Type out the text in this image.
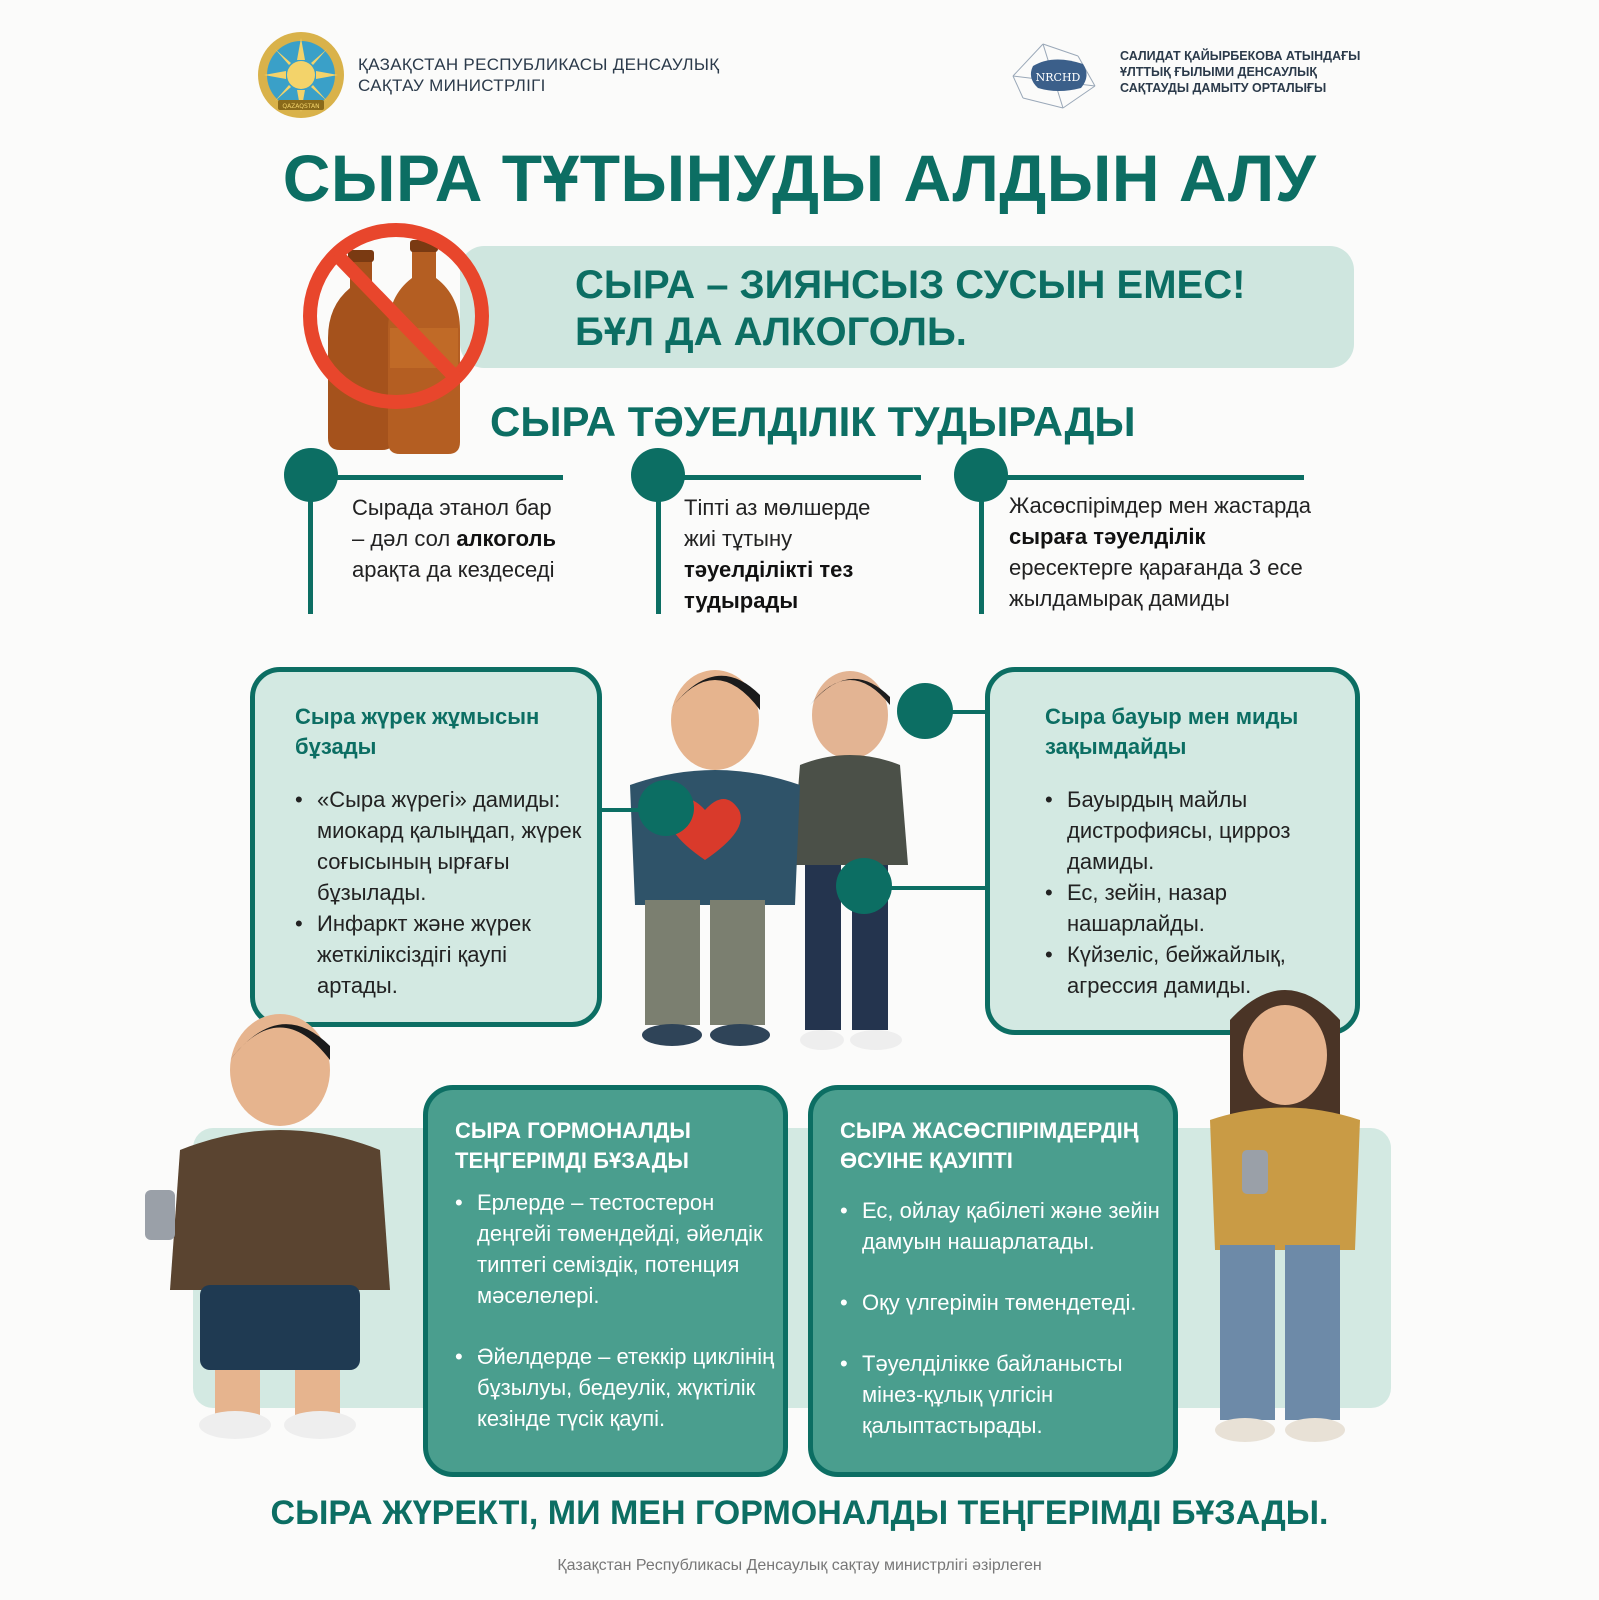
QAZAQSTAN
ҚАЗАҚСТАН РЕСПУБЛИКАСЫ ДЕНСАУЛЫҚ
САҚТАУ МИНИСТРЛІГІ	NRCHD
САЛИДАТ ҚАЙЫРБЕКОВА АТЫНДАҒЫ
ҰЛТТЫҚ ҒЫЛЫМИ ДЕНСАУЛЫҚ
САҚТАУДЫ ДАМЫТУ ОРТАЛЫҒЫ
СЫРА ТҰТЫНУДЫ АЛДЫН АЛУ
СЫРА – ЗИЯНСЫЗ СУСЫН ЕМЕС!
БҰЛ ДА АЛКОГОЛЬ.
СЫРА ТӘУЕЛДІЛІК ТУДЫРАДЫ
Сырада этанол бар – дәл сол алкоголь арақта да кездеседі
Тіпті аз мөлшерде жиі тұтыну тәуелділікті тез тудырады
Жасөспірімдер мен жастарда сыраға тәуелділік ересектерге қарағанда 3 есе жылдамырақ дамиды
Сыра жүрек жұмысын бұзады
• «Сыра жүрегі» дамиды: миокард қалыңдап, жүрек соғысының ырғағы бұзылады.
• Инфаркт және жүрек жеткіліксіздігі қаупі артады.
Сыра бауыр мен миды зақымдайды
• Бауырдың майлы дистрофиясы, цирроз дамиды.
• Ес, зейін, назар нашарлайды.
• Күйзеліс, бейжайлық, агрессия дамиды.
СЫРА ГОРМОНАЛДЫ ТЕҢГЕРІМДІ БҰЗАДЫ
• Ерлерде – тестостерон деңгейі төмендейді, әйелдік типтегі семіздік, потенция мәселелері.
• Әйелдерде – етеккір циклінің бұзылуы, бедеулік, жүктілік кезінде түсік қаупі.
СЫРА ЖАСӨСПІРІМДЕРДІҢ ӨСУІНЕ ҚАУІПТІ
• Ес, ойлау қабілеті және зейін дамуын нашарлатады.
• Оқу үлгерімін төмендетеді.
• Тәуелділікке байланысты мінез-құлық үлгісін қалыптастырады.
СЫРА ЖҮРЕКТІ, МИ МЕН ГОРМОНАЛДЫ ТЕҢГЕРІМДІ БҰЗАДЫ.
Қазақстан Республикасы Денсаулық сақтау министрлігі әзірлеген
